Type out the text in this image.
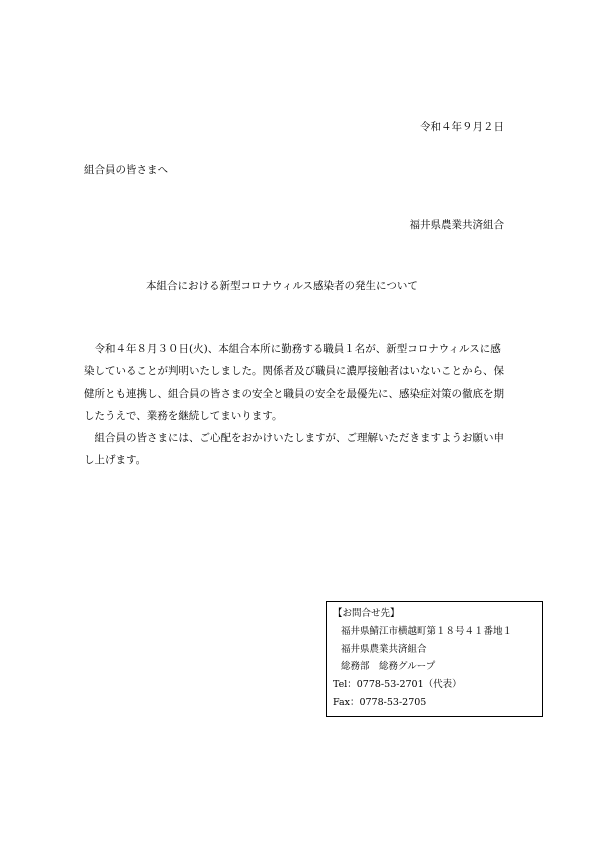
令和４年９月２日
組合員の皆さまへ
福井県農業共済組合
本組合における新型コロナウィルス感染者の発生について

令和４年８月３０日(火)、本組合本所に勤務する職員１名が、新型コロナウィルスに感染していることが判明いたしました。関係者及び職員に濃厚接触者はいないことから、保健所とも連携し、組合員の皆さまの安全と職員の安全を最優先に、感染症対策の徹底を期したうえで、業務を継続してまいります。

組合員の皆さまには、ご心配をおかけいたしますが、ご理解いただきますようお願い申し上げます。

【お問合せ先】
福井県鯖江市横越町第１８号４１番地１
福井県農業共済組合
総務部　総務グループ
Tel：0778-53-2701（代表）
Fax：0778-53-2705
